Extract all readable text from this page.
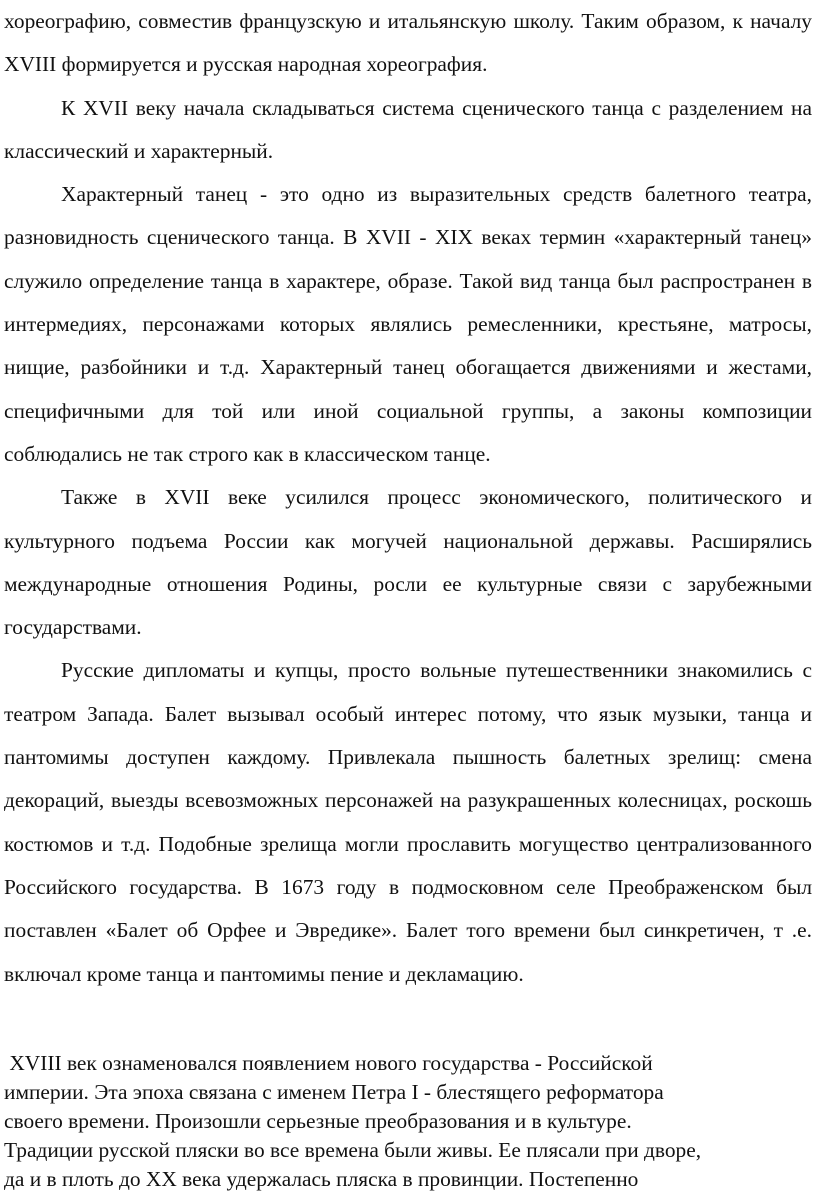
хореографию, совместив французскую и итальянскую школу. Таким образом, к началу XVIII формируется и русская народная хореография.

К XVII веку начала складываться система сценического танца с разделением на классический и характерный.

Характерный танец - это одно из выразительных средств балетного театра, разновидность сценического танца. В XVII - XIX веках термин «характерный танец» служило определение танца в характере, образе. Такой вид танца был распространен в интермедиях, персонажами которых являлись ремесленники, крестьяне, матросы, нищие, разбойники и т.д. Характерный танец обогащается движениями и жестами, специфичными для той или иной социальной группы, а законы композиции соблюдались не так строго как в классическом танце.

Также в XVII веке усилился процесс экономического, политического и культурного подъема России как могучей национальной державы. Расширялись международные отношения Родины, росли ее культурные связи с зарубежными государствами.

Русские дипломаты и купцы, просто вольные путешественники знакомились с театром Запада. Балет вызывал особый интерес потому, что язык музыки, танца и пантомимы доступен каждому. Привлекала пышность балетных зрелищ: смена декораций, выезды всевозможных персонажей на разукрашенных колесницах, роскошь костюмов и т.д. Подобные зрелища могли прославить могущество централизованного Российского государства. В 1673 году в подмосковном селе Преображенском был поставлен «Балет об Орфее и Эвредике». Балет того времени был синкретичен, т .е. включал кроме танца и пантомимы пение и декламацию.

XVIII век ознаменовался появлением нового государства - Российской

империи. Эта эпоха связана с именем Петра I - блестящего реформатора

своего времени. Произошли серьезные преобразования и в культуре.

Традиции русской пляски во все времена были живы. Ее плясали при дворе,

да и в плоть до XX века удержалась пляска в провинции. Постепенно
